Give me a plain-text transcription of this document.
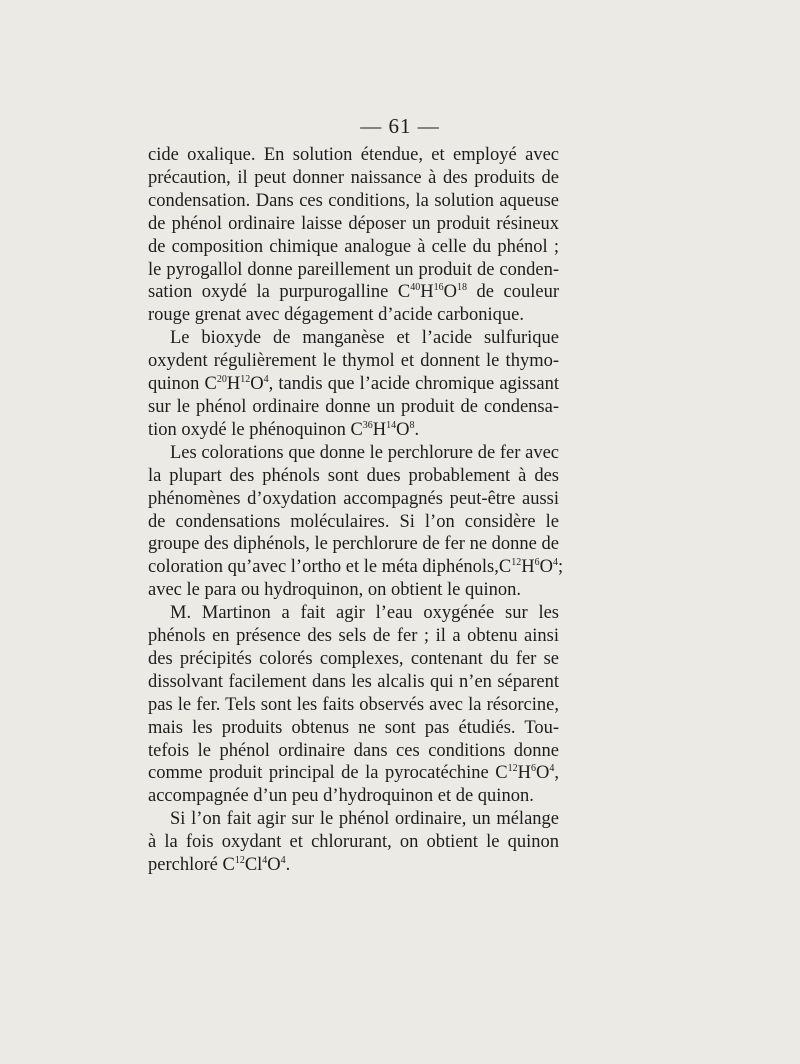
— 61 —
cide oxalique. En solution étendue, et employé avec
précaution, il peut donner naissance à des produits de
condensation. Dans ces conditions, la solution aqueuse
de phénol ordinaire laisse déposer un produit résineux
de composition chimique analogue à celle du phénol ;
le pyrogallol donne pareillement un produit de conden-
sation oxydé la purpurogalline $C^{40}H^{16}O^{18}$ de couleur
rouge grenat avec dégagement d’acide carbonique.
Le bioxyde de manganèse et l’acide sulfurique
oxydent régulièrement le thymol et donnent le thymo-
quinon $C^{20}H^{12}O^4$, tandis que l’acide chromique agissant
sur le phénol ordinaire donne un produit de condensa-
tion oxydé le phénoquinon $C^{36}H^{14}O^8$.
Les colorations que donne le perchlorure de fer avec
la plupart des phénols sont dues probablement à des
phénomènes d’oxydation accompagnés peut-être aussi
de condensations moléculaires. Si l’on considère le
groupe des diphénols, le perchlorure de fer ne donne de
coloration qu’avec l’ortho et le méta $diphénols,C^{12}H^6O^4$;
avec le para ou hydroquinon, on obtient le quinon.
M. Martinon a fait agir l’eau oxygénée sur les
phénols en présence des sels de fer ; il a obtenu ainsi
des précipités colorés complexes, contenant du fer se
dissolvant facilement dans les alcalis qui n’en séparent
pas le fer. Tels sont les faits observés avec la résorcine,
mais les produits obtenus ne sont pas étudiés. Tou-
tefois le phénol ordinaire dans ces conditions donne
comme produit principal de la pyrocatéchine $C^{12}H^6O^4$,
accompagnée d’un peu d’hydroquinon et de quinon.
Si l’on fait agir sur le phénol ordinaire, un mélange
à la fois oxydant et chlorurant, on obtient le quinon
perchloré $C^{12}Cl^4O^4$.
